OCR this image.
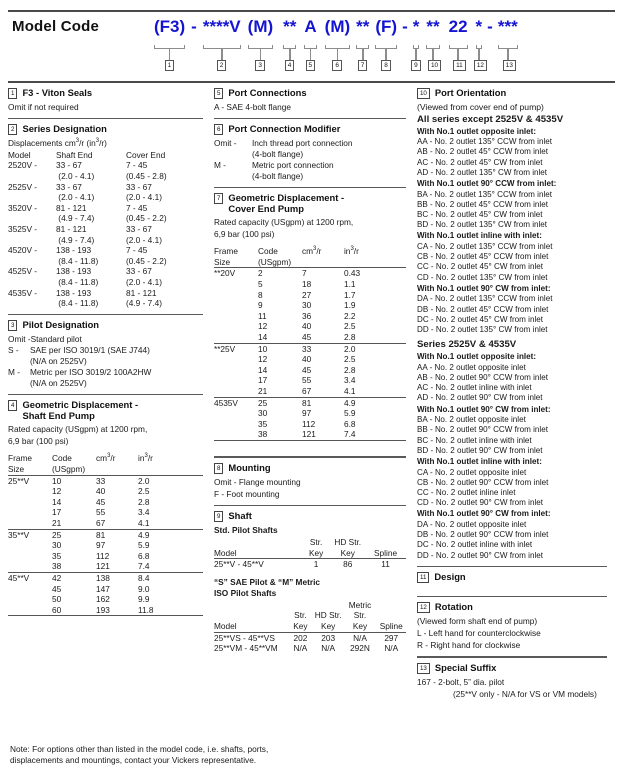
Model Code	(F3) - ****V (M) ** A (M) ** (F) - * ** 22 * - ***
1	2	3	4	5	6	7	8	9	10	11	12	13
1 F3 - Viton Seals

Omit if not required

2 Series Designation

Displacements $cm^3/r$ $(in^3/r)$

Model	Shaft End	Cover End
2520V -	33 - 67	7 - 45
	(2.0 - 4.1)	(0.45 - 2.8)
2525V -	33 - 67	33 - 67
	(2.0 - 4.1)	(2.0 - 4.1)
3520V -	81 - 121	7 - 45
	(4.9 - 7.4)	(0.45 - 2.2)
3525V -	81 - 121	33 - 67
	(4.9 - 7.4)	(2.0 - 4.1)
4520V -	138 - 193	7 - 45
	(8.4 - 11.8)	(0.45 - 2.2)
4525V -	138 - 193	33 - 67
	(8.4 - 11.8)	(2.0 - 4.1)
4535V -	138 - 193	81 - 121
	(8.4 - 11.8)	(4.9 - 7.4)
3 Pilot Designation
Omit - Standard pilot
S -	SAE per ISO 3019/1 (SAE J744)
(N/A on 2525V)
M -	Metric per ISO 3019/2 100A2HW
(N/A on 2525V)
4 Geometric Displacement -
Shaft End Pump

Rated capacity (USgpm) at 1200 rpm,

6,9 bar (100 psi)

Frame	Code	$cm^3/r$	$in^3/r$
Size	(USgpm)		
25**V	10	33	2.0
	12	40	2.5
	14	45	2.8
	17	55	3.4
	21	67	4.1
35**V	25	81	4.9
	30	97	5.9
	35	112	6.8
	38	121	7.4
45**V	42	138	8.4
	45	147	9.0
	50	162	9.9
	60	193	11.8

5 Port Connections

A - SAE 4-bolt flange

6 Port Connection Modifier
Omit -	Inch thread port connection
(4-bolt flange)
M -	Metric port connection
(4-bolt flange)
7 Geometric Displacement -
Cover End Pump

Rated capacity (USgpm) at 1200 rpm,

6,9 bar (100 psi)

Frame	Code	$cm^3/r$	$in^3/r$
Size	(USgpm)		
**20V	2	7	0.43
	5	18	1.1
	8	27	1.7
	9	30	1.9
	11	36	2.2
	12	40	2.5
	14	45	2.8
**25V	10	33	2.0
	12	40	2.5
	14	45	2.8
	17	55	3.4
	21	67	4.1
4535V	25	81	4.9
	30	97	5.9
	35	112	6.8
	38	121	7.4

8 Mounting

Omit - Flange mounting

F - Foot mounting

9 Shaft
Std. Pilot Shafts
	Str.	HD Str.	
Model	Key	Key	Spline
25**V - 45**V	1	86	11
“S” SAE Pilot & “M” Metric
ISO Pilot Shafts
	Str.	HD Str.	Metric Str.	
Model	Key	Key	Key	Spline
25**VS - 45**VS	202	203	N/A	297
25**VM - 45**VM	N/A	N/A	292N	N/A
10 Port Orientation

(Viewed from cover end of pump)

All series except 2525V & 4535V
With No.1 outlet opposite inlet:
AA - No. 2 outlet 135° CCW from inlet
AB - No. 2 outlet 45° CCW from inlet
AC - No. 2 outlet 45° CW from inlet
AD - No. 2 outlet 135° CW from inlet
With No.1 outlet 90° CCW from inlet:
BA - No. 2 outlet 135° CCW from inlet
BB - No. 2 outlet 45° CCW from inlet
BC - No. 2 outlet 45° CW from inlet
BD - No. 2 outlet 135° CW from inlet
With No.1 outlet inline with inlet:
CA - No. 2 outlet 135° CCW from inlet
CB - No. 2 outlet 45° CCW from inlet
CC - No. 2 outlet 45° CW from inlet
CD - No. 2 outlet 135° CW from inlet
With No.1 outlet 90° CW from inlet:
DA - No. 2 outlet 135° CCW from inlet
DB - No. 2 outlet 45° CCW from inlet
DC - No. 2 outlet 45° CW from inlet
DD - No. 2 outlet 135° CW from inlet
Series 2525V & 4535V
With No.1 outlet opposite inlet:
AA - No. 2 outlet opposite inlet
AB - No. 2 outlet 90° CCW from inlet
AC - No. 2 outlet inline with inlet
AD - No. 2 outlet 90° CW from inlet
With No.1 outlet 90° CW from inlet:
BA - No. 2 outlet opposite inlet
BB - No. 2 outlet 90° CCW from inlet
BC - No. 2 outlet inline with inlet
BD - No. 2 outlet 90° CW from inlet
With No.1 outlet inline with inlet:
CA - No. 2 outlet opposite inlet
CB - No. 2 outlet 90° CCW from inlet
CC - No. 2 outlet inline inlet
CD - No. 2 outlet 90° CW from inlet
With No.1 outlet 90° CW from inlet:
DA - No. 2 outlet opposite inlet
DB - No. 2 outlet 90° CCW from inlet
DC - No. 2 outlet inline with inlet
DD - No. 2 outlet 90° CW from inlet
11 Design
12 Rotation

(Viewed form shaft end of pump)

L - Left hand for counterclockwise

R - Right hand for clockwise

13 Special Suffix

167 - 2-bolt, 5” dia. pilot

(25**V only - N/A for VS or VM models)

Note: For options other than listed in the model code, i.e. shafts, ports,
displacements and mountings, contact your Vickers representative.
